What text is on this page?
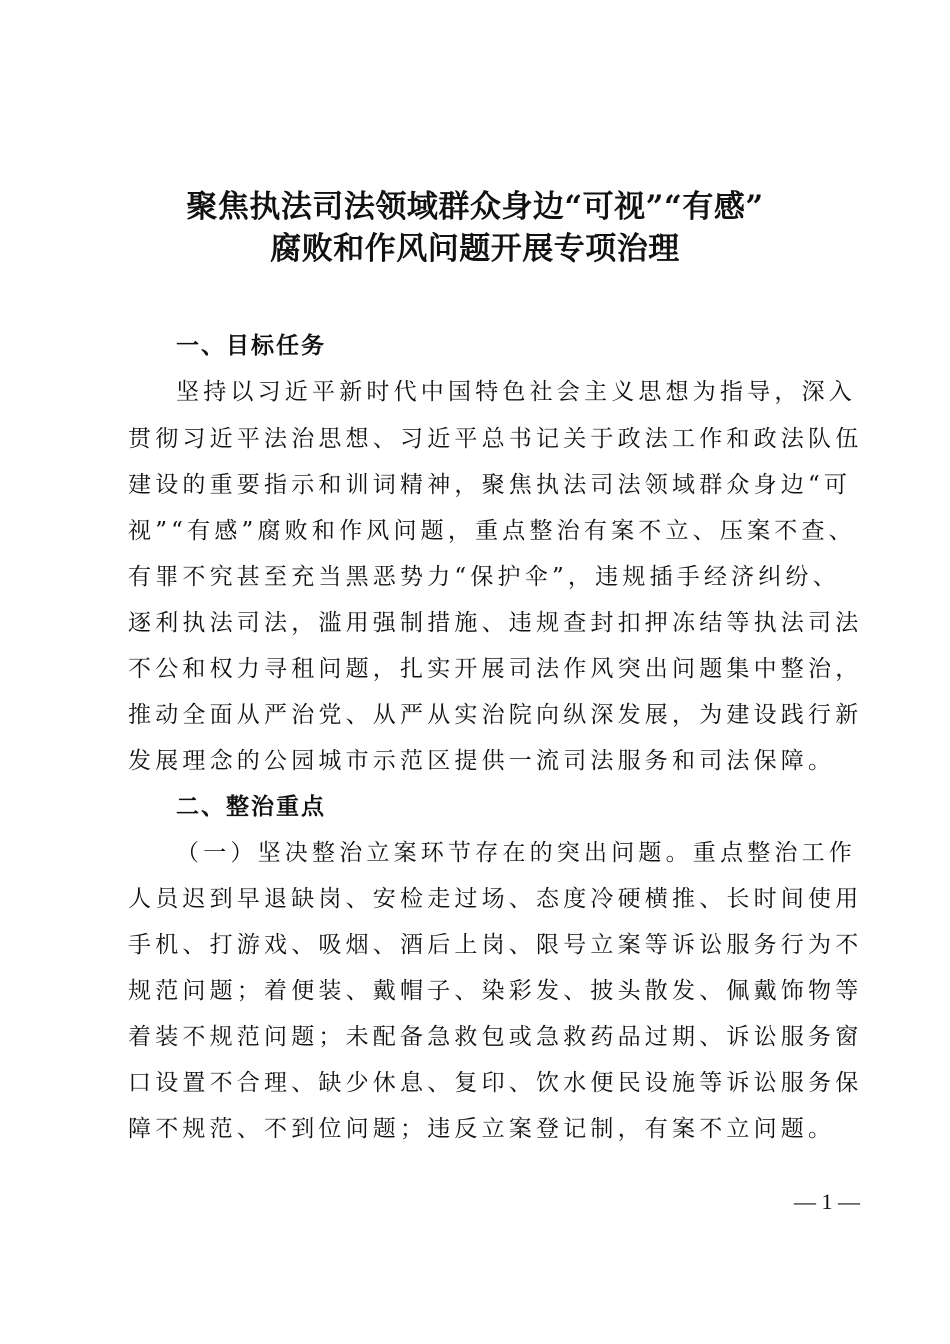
聚焦执法司法领域群众身边“可视”“有感”
腐败和作风问题开展专项治理
一、目标任务
坚持以习近平新时代中国特色社会主义思想为指导，深入
贯彻习近平法治思想、习近平总书记关于政法工作和政法队伍
建设的重要指示和训词精神，聚焦执法司法领域群众身边“可
视”“有感”腐败和作风问题，重点整治有案不立、压案不查、
有罪不究甚至充当黑恶势力“保护伞”，违规插手经济纠纷、
逐利执法司法，滥用强制措施、违规查封扣押冻结等执法司法
不公和权力寻租问题，扎实开展司法作风突出问题集中整治，
推动全面从严治党、从严从实治院向纵深发展，为建设践行新
发展理念的公园城市示范区提供一流司法服务和司法保障。
二、整治重点
（一）坚决整治立案环节存在的突出问题。重点整治工作
人员迟到早退缺岗、安检走过场、态度冷硬横推、长时间使用
手机、打游戏、吸烟、酒后上岗、限号立案等诉讼服务行为不
规范问题；着便装、戴帽子、染彩发、披头散发、佩戴饰物等
着装不规范问题；未配备急救包或急救药品过期、诉讼服务窗
口设置不合理、缺少休息、复印、饮水便民设施等诉讼服务保
障不规范、不到位问题；违反立案登记制，有案不立问题。
— 1 —
